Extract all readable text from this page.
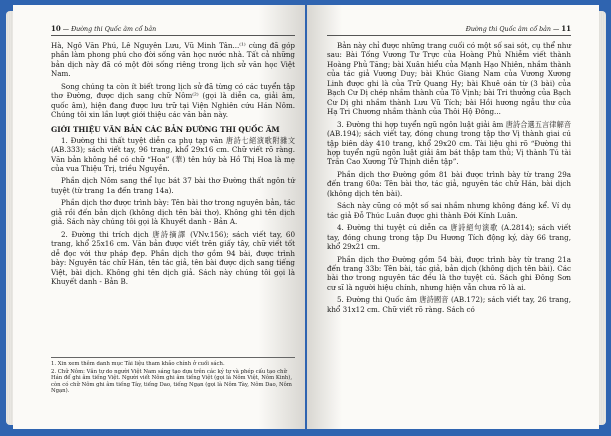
10 — Đường thi Quốc âm cổ bản

Hà, Ngô Văn Phú, Lê Nguyên Lưu, Vũ Minh Tân...⁽¹⁾ cùng đã góp phần làm phong phú cho đời sống văn học nước nhà. Tất cả những bản dịch này đã có một đời sống riêng trong lịch sử văn học Việt Nam.

Song chúng ta còn ít biết trong lịch sử đã từng có các tuyển tập thơ Đường, được dịch sang chữ Nôm⁽²⁾ (gọi là diễn ca, giải âm, quốc âm), hiện đang được lưu trữ tại Viện Nghiên cứu Hán Nôm. Chúng tôi xin lần lượt giới thiệu các văn bản này.

GIỚI THIỆU VĂN BẢN CÁC BẢN ĐƯỜNG THI QUỐC ÂM

1. Đường thi thất tuyệt diễn ca phụ tạp văn 唐詩七絕演歌附雜文 (AB.333); sách viết tay, 96 trang, khổ 29x16 cm. Chữ viết rõ ràng. Văn bản không hề có chữ “Hoa” (華) tên húy bà Hồ Thị Hoa là mẹ của vua Thiệu Trị, triều Nguyễn.

Phần dịch Nôm sang thể lục bát 37 bài thơ Đường thất ngôn tứ tuyệt (từ trang 1a đến trang 14a).

Phần dịch thơ được trình bày: Tên bài thơ trong nguyên bản, tác giả rồi đến bản dịch (không dịch tên bài thơ). Không ghi tên dịch giả. Sách này chúng tôi gọi là Khuyết danh - Bản A.

2. Đường thi trích dịch 唐詩摘譯 (VNv.156); sách viết tay, 60 trang, khổ 25x16 cm. Văn bản được viết trên giấy tây, chữ viết tốt dễ đọc với thư pháp đẹp. Phần dịch thơ gồm 94 bài, được trình bày: Nguyên tác chữ Hán, tên tác giả, tên bài được dịch sang tiếng Việt, bài dịch. Không ghi tên dịch giả. Sách này chúng tôi gọi là Khuyết danh - Bản B.

1. Xin xem thêm danh mục Tài liệu tham khảo chính ở cuối sách.
2. Chữ Nôm: Văn tự do người Việt Nam sáng tạo dựa trên các ký tự và phép cấu tạo chữ Hán để ghi âm tiếng Việt. Người viết Nôm ghi âm tiếng Việt (gọi là Nôm Việt, Nôm Kinh), còn có chữ Nôm ghi âm tiếng Tày, tiếng Dao, tiếng Ngạn (gọi là Nôm Tày, Nôm Dao, Nôm Ngạn).
Đường thi Quốc âm cổ bản — 11

Bản này chỉ được những trang cuối có một số sai sót, cụ thể như sau: Bài Tống Vương Tư Trực của Hoàng Phủ Nhiễm viết thành Hoàng Phủ Tăng; bài Xuân hiểu của Mạnh Hạo Nhiên, nhầm thành của tác giả Vương Duy; bài Khúc Giang Nam của Vương Xương Linh được ghi là của Trữ Quang Hy; bài Khuê oán từ (3 bài) của Bạch Cư Dị chép nhầm thành của Tô Vịnh; bài Tri thưởng của Bạch Cư Dị ghi nhầm thành Lưu Vũ Tích; bài Hồi hương ngẫu thư của Hạ Tri Chương nhầm thành của Thôi Hộ Đông...

3. Đường thi hợp tuyển ngũ ngôn luật giải âm 唐詩合選五言律解音 (AB.194); sách viết tay, đóng chung trong tập thơ Vị thành giai cú tập biên dày 410 trang, khổ 29x20 cm. Tài liệu ghi rõ “Đường thi hợp tuyển ngũ ngôn luật giải âm bát thập tam thủ; Vị thành Tú tài Trần Cao Xương Tử Thịnh diễn tập”.

Phần dịch thơ Đường gồm 81 bài được trình bày từ trang 29a đến trang 60a: Tên bài thơ, tác giả, nguyên tác chữ Hán, bài dịch (không dịch tên bài).

Sách này cũng có một số sai nhầm nhưng không đáng kể. Ví dụ tác giả Đỗ Thúc Luân được ghi thành Đới Kính Luân.

4. Đường thi tuyệt cú diễn ca 唐詩絕句演歌 (A.2814); sách viết tay, đóng chung trong tập Du Hương Tích động ký, dày 66 trang, khổ 29x21 cm.

Phần dịch thơ Đường gồm 54 bài, được trình bày từ trang 21a đến trang 33b: Tên bài, tác giả, bản dịch (không dịch tên bài). Các bài thơ trong nguyên tác đều là thơ tuyệt cú. Sách ghi Đông Sơn cư sĩ là người hiệu chính, nhưng hiện vẫn chưa rõ là ai.

5. Đường thi Quốc âm 唐詩國音 (AB.172); sách viết tay, 26 trang, khổ 31x12 cm. Chữ viết rõ ràng. Sách có
